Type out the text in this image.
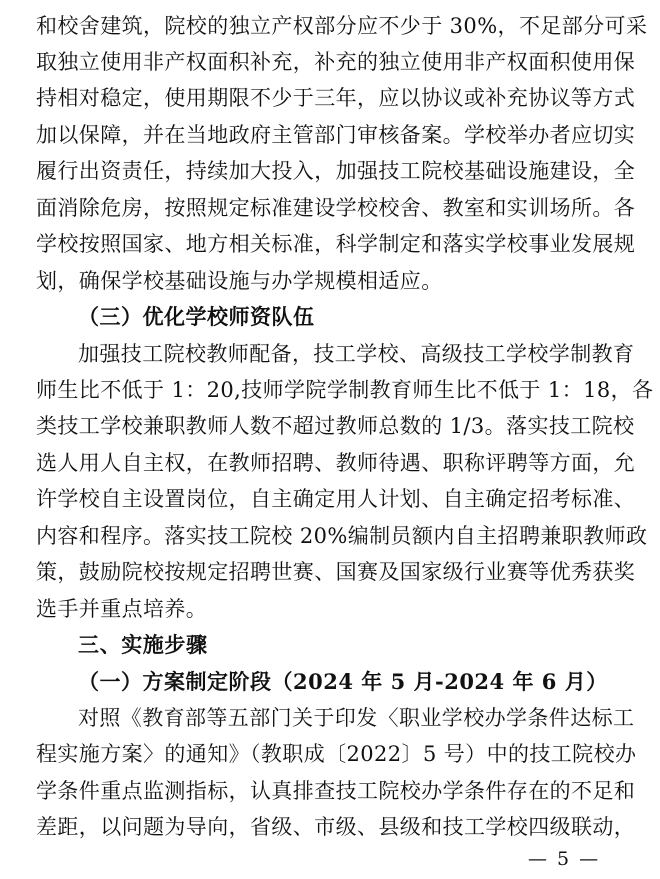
和校舍建筑，院校的独立产权部分应不少于 30%，不足部分可采
取独立使用非产权面积补充，补充的独立使用非产权面积使用保
持相对稳定，使用期限不少于三年，应以协议或补充协议等方式
加以保障，并在当地政府主管部门审核备案。学校举办者应切实
履行出资责任，持续加大投入，加强技工院校基础设施建设，全
面消除危房，按照规定标准建设学校校舍、教室和实训场所。各
学校按照国家、地方相关标准，科学制定和落实学校事业发展规
划，确保学校基础设施与办学规模相适应。
（三）优化学校师资队伍
加强技工院校教师配备，技工学校、高级技工学校学制教育
师生比不低于 1：20,技师学院学制教育师生比不低于 1：18，各
类技工学校兼职教师人数不超过教师总数的 1/3。落实技工院校
选人用人自主权，在教师招聘、教师待遇、职称评聘等方面，允
许学校自主设置岗位，自主确定用人计划、自主确定招考标准、
内容和程序。落实技工院校 20%编制员额内自主招聘兼职教师政
策，鼓励院校按规定招聘世赛、国赛及国家级行业赛等优秀获奖
选手并重点培养。
三、实施步骤
（一）方案制定阶段（2024 年 5 月-2024 年 6 月）
对照《教育部等五部门关于印发〈职业学校办学条件达标工
程实施方案〉的通知》（教职成〔2022〕5 号）中的技工院校办
学条件重点监测指标，认真排查技工院校办学条件存在的不足和
差距，以问题为导向，省级、市级、县级和技工学校四级联动，
— 5 —
